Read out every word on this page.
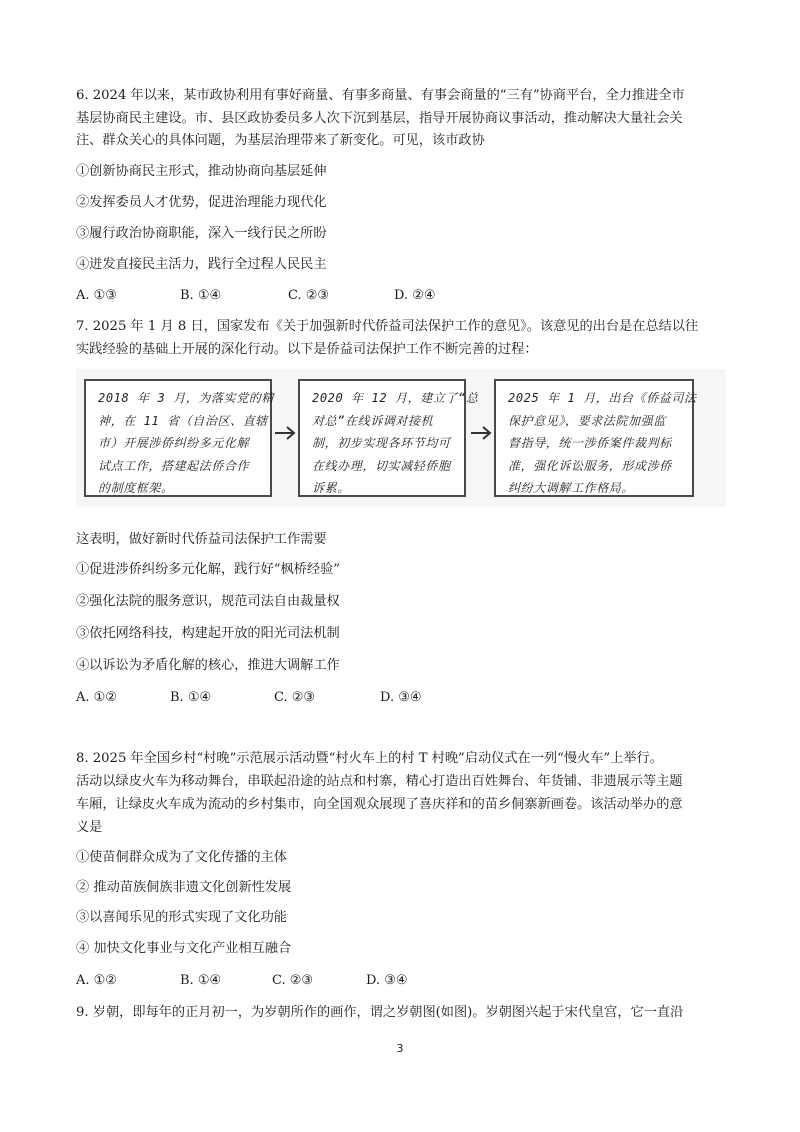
6. 2024 年以来，某市政协利用有事好商量、有事多商量、有事会商量的“三有”协商平台，全力推进全市

基层协商民主建设。市、县区政协委员多人次下沉到基层，指导开展协商议事活动，推动解决大量社会关

注、群众关心的具体问题，为基层治理带来了新变化。可见，该市政协

①创新协商民主形式，推动协商向基层延伸

②发挥委员人才优势，促进治理能力现代化

③履行政治协商职能，深入一线行民之所盼

④迸发直接民主活力，践行全过程人民民主

A. ①③	B. ①④	C. ②③	D. ②④

7. 2025 年 1 月 8 日，国家发布《关于加强新时代侨益司法保护工作的意见》。该意见的出台是在总结以往

实践经验的基础上开展的深化行动。以下是侨益司法保护工作不断完善的过程：

2018 年 3 月，为落实党的精
神，在 11 省（自治区、直辖
市）开展涉侨纠纷多元化解
试点工作，搭建起法侨合作
的制度框架。
2020 年 12 月，建立了“总
对总”在线诉调对接机
制，初步实现各环节均可
在线办理，切实减轻侨胞
诉累。
2025 年 1 月，出台《侨益司法
保护意见》，要求法院加强监
督指导，统一涉侨案件裁判标
准，强化诉讼服务，形成涉侨
纠纷大调解工作格局。

这表明，做好新时代侨益司法保护工作需要

①促进涉侨纠纷多元化解，践行好“枫桥经验”

②强化法院的服务意识，规范司法自由裁量权

③依托网络科技，构建起开放的阳光司法机制

④以诉讼为矛盾化解的核心，推进大调解工作

A. ①②	B. ①④	C. ②③	D. ③④

8. 2025 年全国乡村“村晚”示范展示活动暨“村火车上的村 T 村晚”启动仪式在一列“慢火车”上举行。

活动以绿皮火车为移动舞台，串联起沿途的站点和村寨，精心打造出百姓舞台、年货铺、非遗展示等主题

车厢，让绿皮火车成为流动的乡村集市，向全国观众展现了喜庆祥和的苗乡侗寨新画卷。该活动举办的意

义是

①使苗侗群众成为了文化传播的主体

② 推动苗族侗族非遗文化创新性发展

③以喜闻乐见的形式实现了文化功能

④ 加快文化事业与文化产业相互融合

A. ①②	B. ①④	C. ②③	D. ③④

9. 岁朝，即每年的正月初一，为岁朝所作的画作，谓之岁朝图(如图)。岁朝图兴起于宋代皇宫，它一直沿

3
